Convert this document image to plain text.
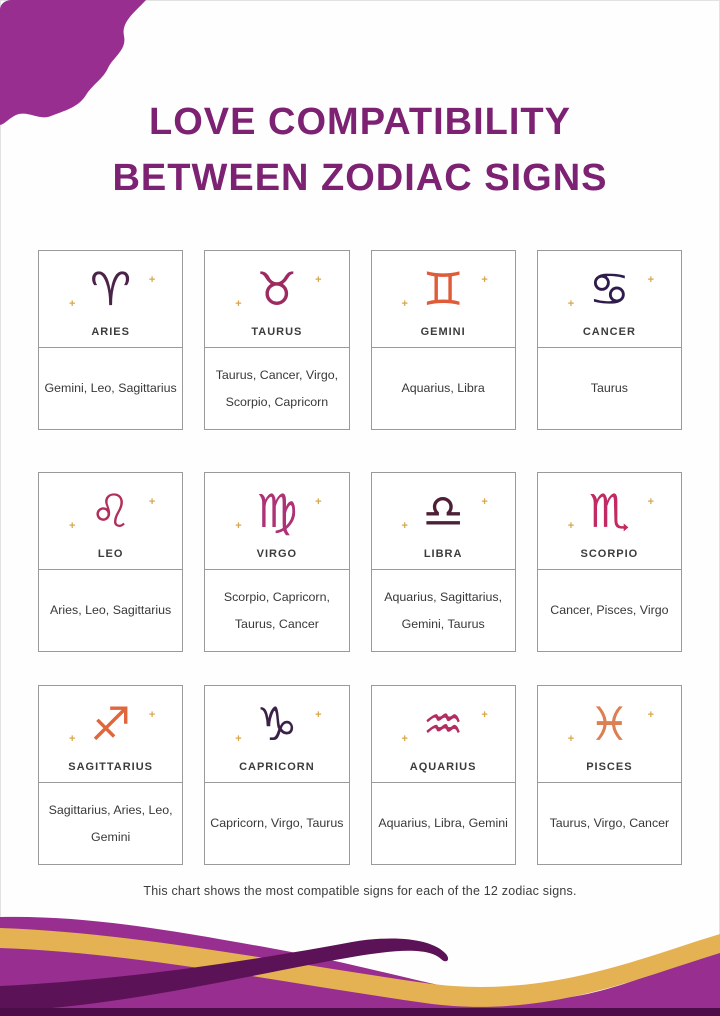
LOVE COMPATIBILITY
BETWEEN ZODIAC SIGNS
+
+
♈
ARIES
Gemini, Leo, Sagittarius
+
+
♉
TAURUS
Taurus, Cancer, Virgo, Scorpio, Capricorn
+
+
♊
GEMINI
Aquarius, Libra
+
+
♋
CANCER
Taurus
+
+
♌
LEO
Aries, Leo, Sagittarius
+
+
♍
VIRGO
Scorpio, Capricorn, Taurus, Cancer
+
+
♎
LIBRA
Aquarius, Sagittarius, Gemini, Taurus
+
+
♏
SCORPIO
Cancer, Pisces, Virgo
+
+
♐
SAGITTARIUS
Sagittarius, Aries, Leo, Gemini
+
+
♑
CAPRICORN
Capricorn, Virgo, Taurus
+
+
♒
AQUARIUS
Aquarius, Libra, Gemini
+
+
♓
PISCES
Taurus, Virgo, Cancer
This chart shows the most compatible signs for each of the 12 zodiac signs.
